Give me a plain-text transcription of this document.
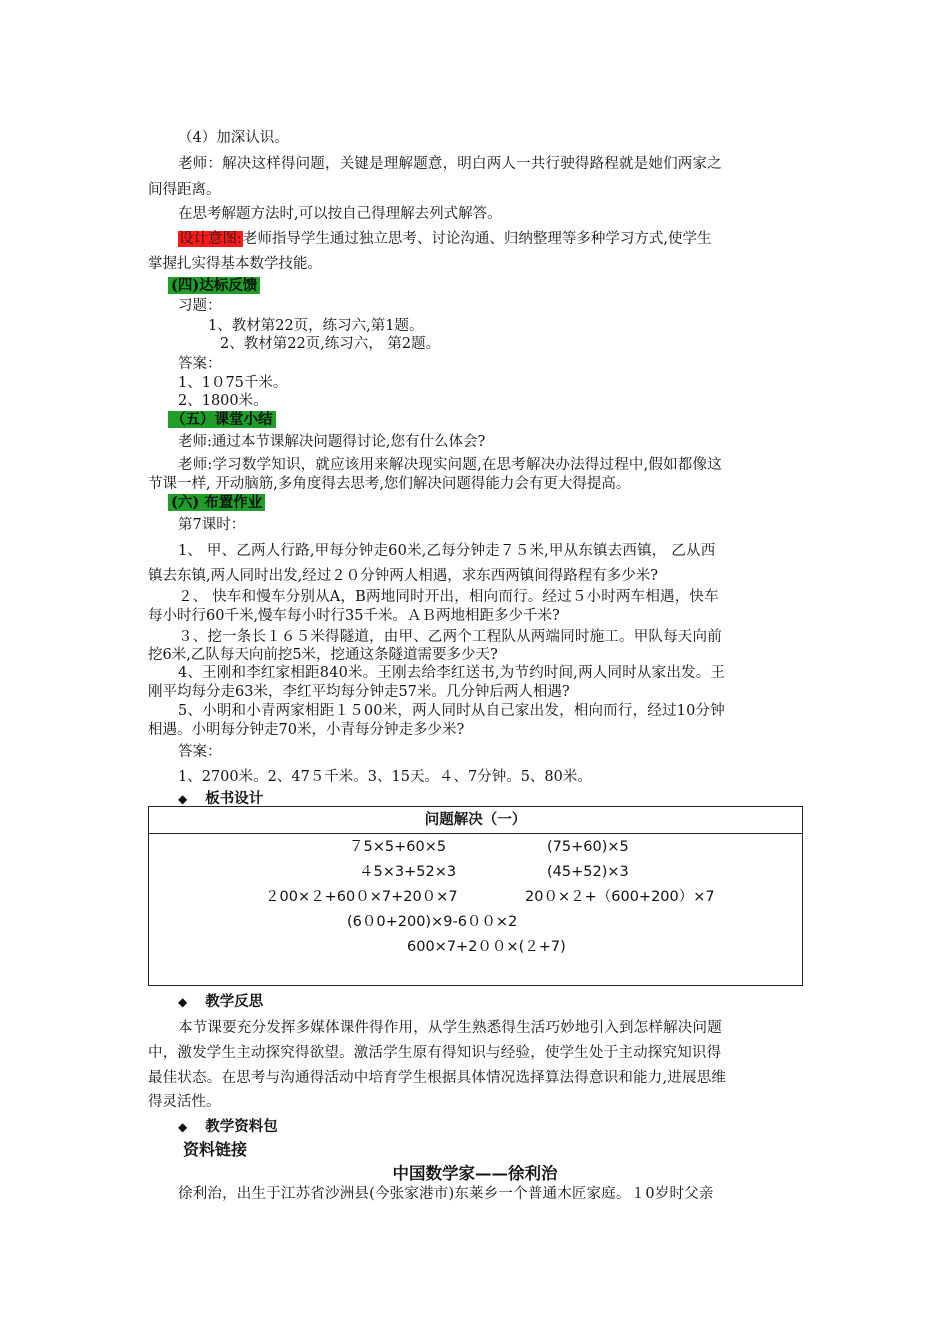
（4）加深认识。
老师：解决这样得问题，关键是理解题意，明白两人一共行驶得路程就是她们两家之
间得距离。
在思考解题方法时,可以按自己得理解去列式解答。
设计意图:老师指导学生通过独立思考、讨论沟通、归纳整理等多种学习方式,使学生
掌握扎实得基本数学技能。
(四)达标反馈
习题：
1、教材第22页，练习六,第1题。
2、教材第22页,练习六， 第2题。
答案：
1、1０75千米。
2、1800米。
（五）课堂小结
老师:通过本节课解决问题得讨论,您有什么体会?
老师:学习数学知识，就应该用来解决现实问题,在思考解决办法得过程中,假如都像这
节课一样, 开动脑筋,多角度得去思考,您们解决问题得能力会有更大得提高。
(六) 布置作业
第7课时：
1、 甲、乙两人行路,甲每分钟走60米,乙每分钟走７５米,甲从东镇去西镇， 乙从西
镇去东镇,两人同时出发,经过２０分钟两人相遇，求东西两镇间得路程有多少米?
２、 快车和慢车分别从A，B两地同时开出，相向而行。经过５小时两车相遇，快车
每小时行60千米,慢车每小时行35千米。ＡＢ两地相距多少千米?
３、挖一条长１６５米得隧道，由甲、乙两个工程队从两端同时施工。甲队每天向前
挖6米,乙队每天向前挖5米，挖通这条隧道需要多少天?
4、王刚和李红家相距840米。王刚去给李红送书,为节约时间,两人同时从家出发。王
刚平均每分走63米，李红平均每分钟走57米。几分钟后两人相遇?
5、小明和小青两家相距１５00米，两人同时从自己家出发，相向而行，经过10分钟
相遇。小明每分钟走70米，小青每分钟走多少米?
答案：
1、2700米。2、47５千米。3、15天。４、7分钟。5、80米。
◆ 板书设计
问题解决（一）
７5×5+60×5	(75+60)×5
４5×3+52×3	(45+52)×3
２00×２+60０×7+20０×7	20０×２+（600+200）×7
(6０0+200)×9-6００×2
600×7+2００×(２+7)
◆ 教学反思
本节课要充分发挥多媒体课件得作用，从学生熟悉得生活巧妙地引入到怎样解决问题
中，激发学生主动探究得欲望。激活学生原有得知识与经验，使学生处于主动探究知识得
最佳状态。在思考与沟通得活动中培育学生根据具体情况选择算法得意识和能力,进展思维
得灵活性。
◆ 教学资料包
资料链接
中国数学家——徐利治
徐利治，出生于江苏省沙洲县(今张家港市)东莱乡一个普通木匠家庭。１0岁时父亲
